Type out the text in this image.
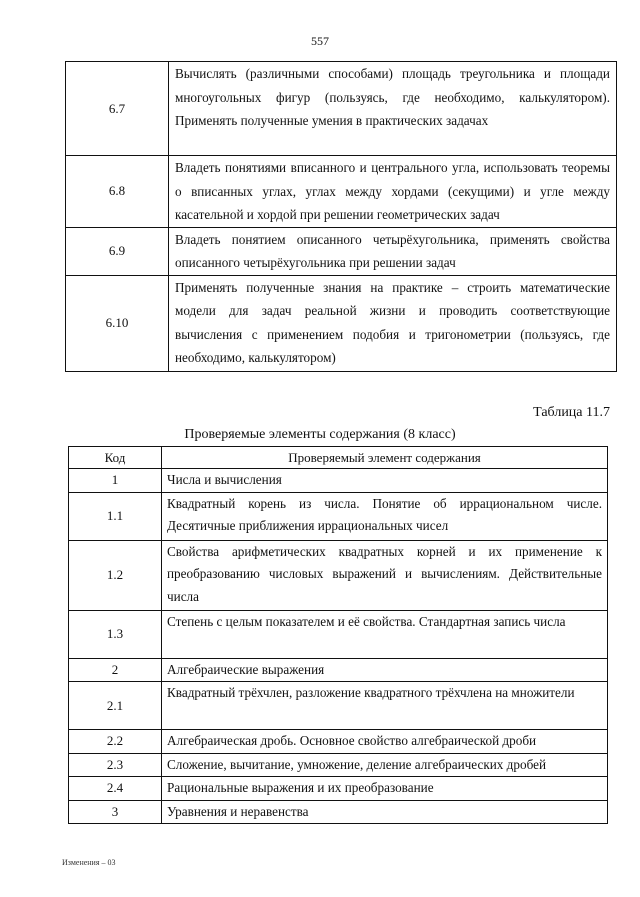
557
6.7	Вычислять (различными способами) площадь треугольника и площади многоугольных фигур (пользуясь, где необходимо, калькулятором). Применять полученные умения в практических задачах
6.8	Владеть понятиями вписанного и центрального угла, использовать теоремы о вписанных углах, углах между хордами (секущими) и угле между касательной и хордой при решении геометрических задач
6.9	Владеть понятием описанного четырёхугольника, применять свойства описанного четырёхугольника при решении задач
6.10	Применять полученные знания на практике – строить математические модели для задач реальной жизни и проводить соответствующие вычисления с применением подобия и тригонометрии (пользуясь, где необходимо, калькулятором)
Таблица 11.7
Проверяемые элементы содержания (8 класс)
Код	Проверяемый элемент содержания
1	Числа и вычисления
1.1	Квадратный корень из числа. Понятие об иррациональном числе. Десятичные приближения иррациональных чисел
1.2	Свойства арифметических квадратных корней и их применение к преобразованию числовых выражений и вычислениям. Действительные числа
1.3	Степень с целым показателем и её свойства. Стандартная запись числа
2	Алгебраические выражения
2.1	Квадратный трёхчлен, разложение квадратного трёхчлена на множители
2.2	Алгебраическая дробь. Основное свойство алгебраической дроби
2.3	Сложение, вычитание, умножение, деление алгебраических дробей
2.4	Рациональные выражения и их преобразование
3	Уравнения и неравенства
Изменения – 03
